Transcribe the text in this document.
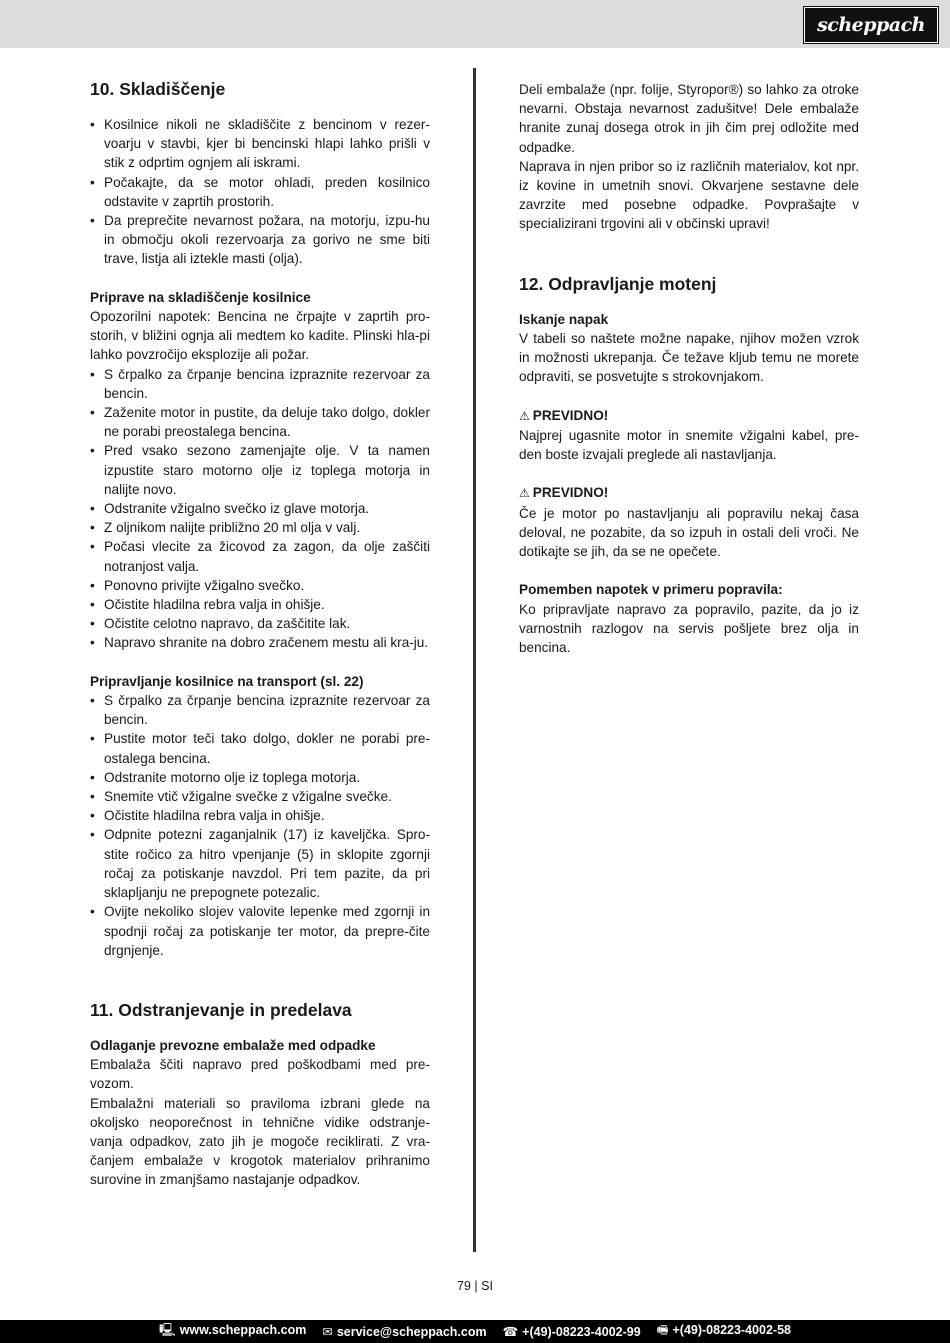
scheppach
10. Skladiščenje
• Kosilnice nikoli ne skladiščite z bencinom v rezer-voarju v stavbi, kjer bi bencinski hlapi lahko prišli v stik z odprtim ognjem ali iskrami.
• Počakajte, da se motor ohladi, preden kosilnico odstavite v zaprtih prostorih.
• Da preprečite nevarnost požara, na motorju, izpu-hu in območju okoli rezervoarja za gorivo ne sme biti trave, listja ali iztekle masti (olja).

Priprave na skladiščenje kosilnice

Opozorilni napotek: Bencina ne črpajte v zaprtih pro-storih, v bližini ognja ali medtem ko kadite. Plinski hla-pi lahko povzročijo eksplozije ali požar.

• S črpalko za črpanje bencina izpraznite rezervoar za bencin.
• Zaženite motor in pustite, da deluje tako dolgo, dokler ne porabi preostalega bencina.
• Pred vsako sezono zamenjajte olje. V ta namen izpustite staro motorno olje iz toplega motorja in nalijte novo.
• Odstranite vžigalno svečko iz glave motorja.
• Z oljnikom nalijte približno 20 ml olja v valj.
• Počasi vlecite za žicovod za zagon, da olje zaščiti notranjost valja.
• Ponovno privijte vžigalno svečko.
• Očistite hladilna rebra valja in ohišje.
• Očistite celotno napravo, da zaščitite lak.
• Napravo shranite na dobro zračenem mestu ali kra-ju.

Pripravljanje kosilnice na transport (sl. 22)

• S črpalko za črpanje bencina izpraznite rezervoar za bencin.
• Pustite motor teči tako dolgo, dokler ne porabi pre-ostalega bencina.
• Odstranite motorno olje iz toplega motorja.
• Snemite vtič vžigalne svečke z vžigalne svečke.
• Očistite hladilna rebra valja in ohišje.
• Odpnite potezni zaganjalnik (17) iz kaveljčka. Spro-stite ročico za hitro vpenjanje (5) in sklopite zgornji ročaj za potiskanje navzdol. Pri tem pazite, da pri sklapljanju ne prepognete potezalic.
• Ovijte nekoliko slojev valovite lepenke med zgornji in spodnji ročaj za potiskanje ter motor, da prepre-čite drgnjenje.
11. Odstranjevanje in predelava

Odlaganje prevozne embalaže med odpadke

Embalaža ščiti napravo pred poškodbami med pre-vozom.

Embalažni materiali so praviloma izbrani glede na okoljsko neoporečnost in tehnične vidike odstranje-vanja odpadkov, zato jih je mogoče reciklirati. Z vra-čanjem embalaže v krogotok materialov prihranimo surovine in zmanjšamo nastajanje odpadkov.

Deli embalaže (npr. folije, Styropor®) so lahko za otroke nevarni. Obstaja nevarnost zadušitve! Dele embalaže hranite zunaj dosega otrok in jih čim prej odložite med odpadke.

Naprava in njen pribor so iz različnih materialov, kot npr. iz kovine in umetnih snovi. Okvarjene sestavne dele zavrzite med posebne odpadke. Povprašajte v specializirani trgovini ali v občinski upravi!

12. Odpravljanje motenj

Iskanje napak

V tabeli so naštete možne napake, njihov možen vzrok in možnosti ukrepanja. Če težave kljub temu ne morete odpraviti, se posvetujte s strokovnjakom.

⚠ PREVIDNO!

Najprej ugasnite motor in snemite vžigalni kabel, pre-den boste izvajali preglede ali nastavljanja.

⚠ PREVIDNO!

Če je motor po nastavljanju ali popravilu nekaj časa deloval, ne pozabite, da so izpuh in ostali deli vroči. Ne dotikajte se jih, da se ne opečete.

Pomemben napotek v primeru popravila:

Ko pripravljate napravo za popravilo, pazite, da jo iz varnostnih razlogov na servis pošljete brez olja in bencina.

79 | SI
🖳 www.scheppach.com ✉ service@scheppach.com ☎ +(49)-08223-4002-99 🖷 +(49)-08223-4002-58
